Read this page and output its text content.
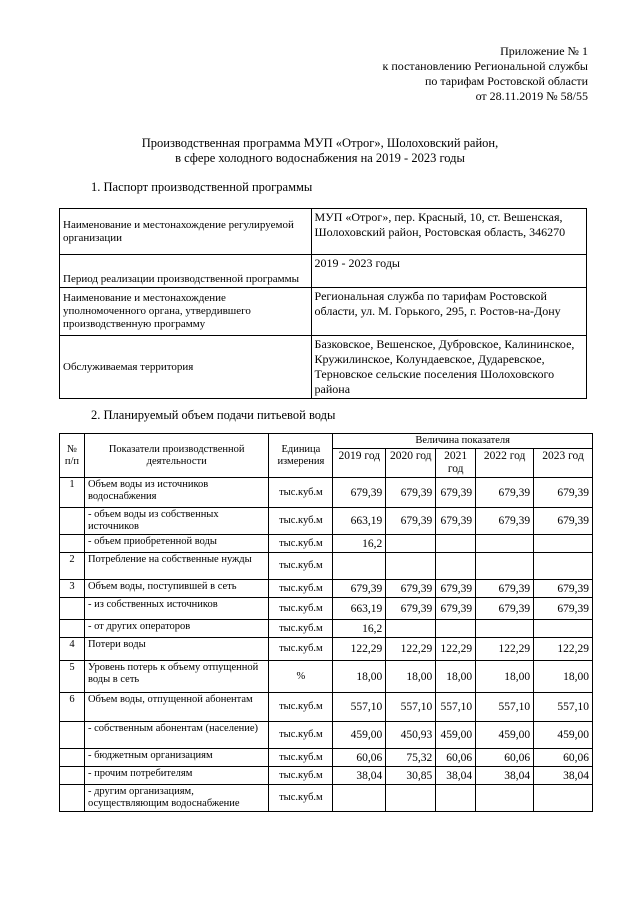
Приложение № 1
к постановлению Региональной службы
по тарифам Ростовской области
от 28.11.2019 № 58/55
Производственная программа МУП «Отрог», Шолоховский район,
в сфере холодного водоснабжения на 2019 - 2023 годы
1. Паспорт производственной программы
Наименование и местонахождение регулируемой организации	МУП «Отрог», пер. Красный, 10, ст. Вешенская, Шолоховский район, Ростовская область, 346270
Период реализации производственной программы	2019 - 2023 годы
Наименование и местонахождение уполномоченного органа, утвердившего производственную программу	Региональная служба по тарифам Ростовской области, ул. М. Горького, 295, г. Ростов-на-Дону
Обслуживаемая территория	Базковское, Вешенское, Дубровское, Калининское, Кружилинское, Колундаевское, Дударевское, Терновское сельские поселения Шолоховского района
2. Планируемый объем подачи питьевой воды
№ п/п	Показатели производственной деятельности	Единица измерения	Величина показателя				
			2019 год	2020 год	2021 год	2022 год	2023 год
1	Объем воды из источников водоснабжения	тыс.куб.м	679,39	679,39	679,39	679,39	679,39
	- объем воды из собственных источников	тыс.куб.м	663,19	679,39	679,39	679,39	679,39
	- объем приобретенной воды	тыс.куб.м	16,2				
2	Потребление на собственные нужды	тыс.куб.м					
3	Объем воды, поступившей в сеть	тыс.куб.м	679,39	679,39	679,39	679,39	679,39
	- из собственных источников	тыс.куб.м	663,19	679,39	679,39	679,39	679,39
	- от других операторов	тыс.куб.м	16,2				
4	Потери воды	тыс.куб.м	122,29	122,29	122,29	122,29	122,29
5	Уровень потерь к объему отпущенной воды в сеть	%	18,00	18,00	18,00	18,00	18,00
6	Объем воды, отпущенной абонентам	тыс.куб.м	557,10	557,10	557,10	557,10	557,10
	- собственным абонентам (население)	тыс.куб.м	459,00	450,93	459,00	459,00	459,00
	- бюджетным организациям	тыс.куб.м	60,06	75,32	60,06	60,06	60,06
	- прочим потребителям	тыс.куб.м	38,04	30,85	38,04	38,04	38,04
	- другим организациям, осуществляющим водоснабжение	тыс.куб.м					
